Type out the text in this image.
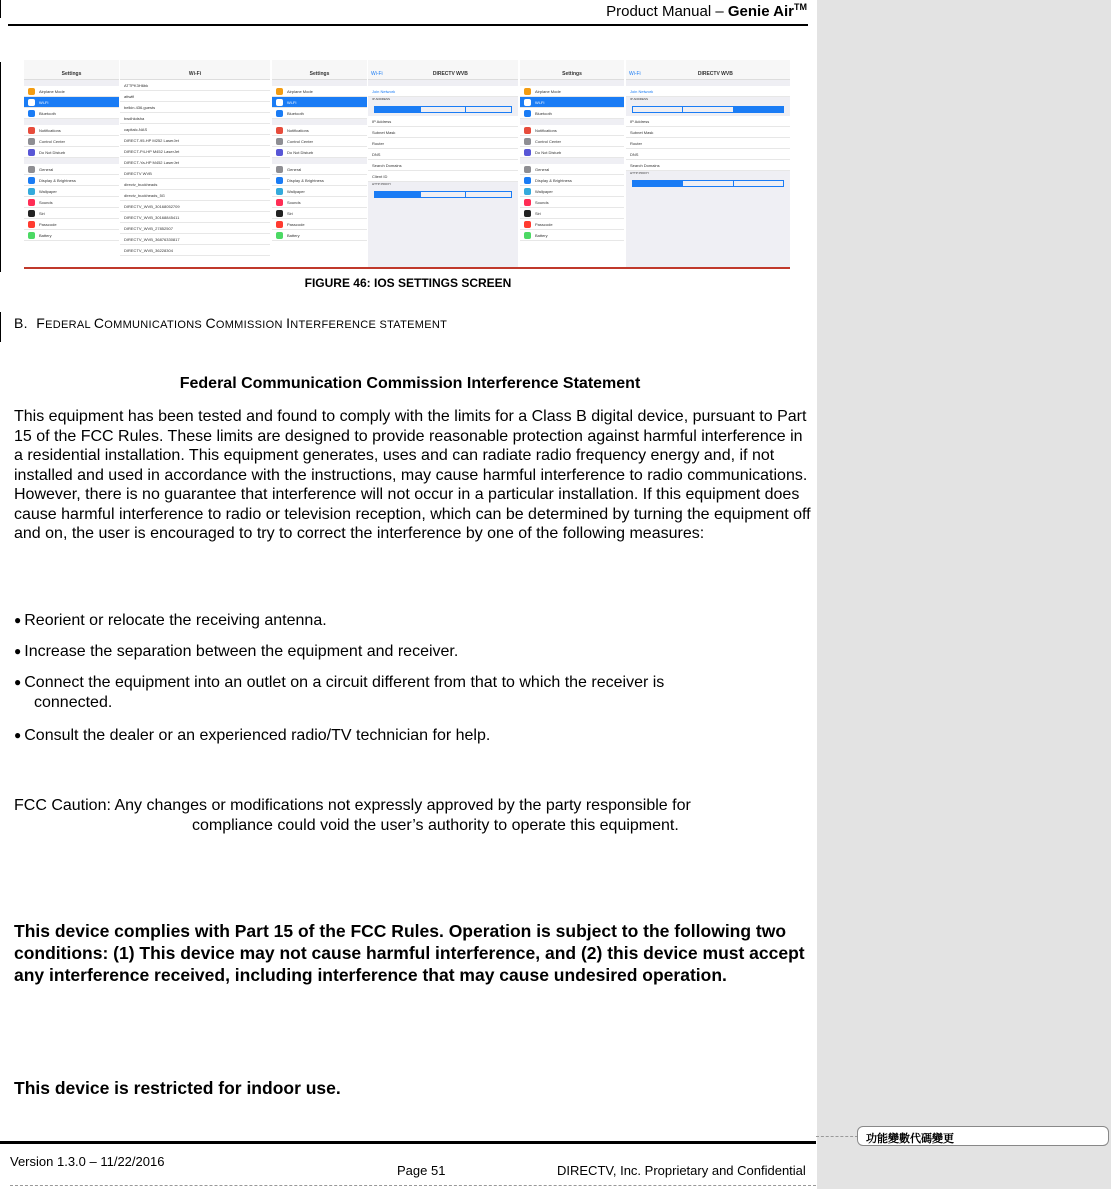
Product Manual – Genie Air™
Settings
Airplane Mode
Wi-Fi
Bluetooth
Notifications
Control Center
Do Not Disturb
General
Display & Brightness
Wallpaper
Sounds
Siri
Passcode
Battery
Wi-Fi
ATTPK3H6bk
attwifi
belkin.436.guests
bwdhkdsha
capitalc-NAS
DIRECT-95-HP M252 LaserJet
DIRECT-P4-HP M452 LaserJet
DIRECT-Ya-HP M452 LaserJet
DIRECTV WVB
directv_buckheads
directv_buckheads_5G
DIRECTV_WVB_30168052709
DIRECTV_WVB_30168845411
DIRECTV_WVB_27852507
DIRECTV_WVB_36876330817
DIRECTV_WVB_36228304
Settings
Airplane Mode
Wi-Fi
Bluetooth
Notifications
Control Center
Do Not Disturb
General
Display & Brightness
Wallpaper
Sounds
Siri
Passcode
Battery
Wi-Fi	DIRECTV WVB
Join Network
IP ADDRESS
IP Address
Subnet Mask
Router
DNS
Search Domains
Client ID
HTTP PROXY
Settings
Airplane Mode
Wi-Fi
Bluetooth
Notifications
Control Center
Do Not Disturb
General
Display & Brightness
Wallpaper
Sounds
Siri
Passcode
Battery
Wi-Fi	DIRECTV WVB
Join Network
IP ADDRESS
IP Address
Subnet Mask
Router
DNS
Search Domains
HTTP PROXY
FIGURE 46: IOS SETTINGS SCREEN
B. FEDERAL COMMUNICATIONS COMMISSION INTERFERENCE STATEMENT
Federal Communication Commission Interference Statement
This equipment has been tested and found to comply with the limits for a Class B digital device, pursuant to Part 15 of the FCC Rules. These limits are designed to provide reasonable protection against harmful interference in a residential installation. This equipment generates, uses and can radiate radio frequency energy and, if not installed and used in accordance with the instructions, may cause harmful interference to radio communications. However, there is no guarantee that interference will not occur in a particular installation. If this equipment does cause harmful interference to radio or television reception, which can be determined by turning the equipment off and on, the user is encouraged to try to correct the interference by one of the following measures:
● Reorient or relocate the receiving antenna.
● Increase the separation between the equipment and receiver.
● Connect the equipment into an outlet on a circuit different from that to which the receiver is
connected.
● Consult the dealer or an experienced radio/TV technician for help.
FCC Caution: Any changes or modifications not expressly approved by the party responsible for
compliance could void the user’s authority to operate this equipment.
This device complies with Part 15 of the FCC Rules. Operation is subject to the following two conditions: (1) This device may not cause harmful interference, and (2) this device must accept any interference received, including interference that may cause undesired operation.
This device is restricted for indoor use.
Version 1.3.0 – 11/22/2016
Page 51	DIRECTV, Inc. Proprietary and Confidential
功能變數代碼變更
